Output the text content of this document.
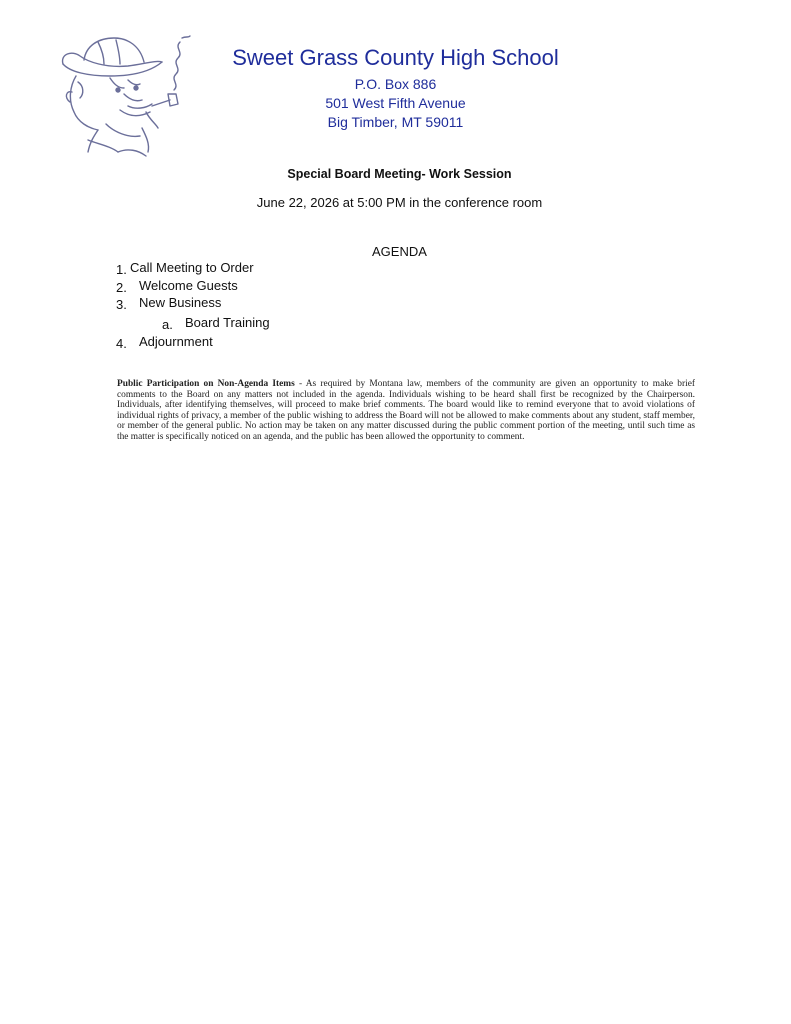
Sweet Grass County High School
P.O. Box 886
501 West Fifth Avenue
Big Timber, MT 59011
Special Board Meeting- Work Session
June 22, 2026 at 5:00 PM in the conference room
AGENDA
1. Call Meeting to Order
2. Welcome Guests
3. New Business
a. Board Training
4. Adjournment
Public Participation on Non-Agenda Items - As required by Montana law, members of the community are given an opportunity to make brief comments to the Board on any matters not included in the agenda. Individuals wishing to be heard shall first be recognized by the Chairperson. Individuals, after identifying themselves, will proceed to make brief comments. The board would like to remind everyone that to avoid violations of individual rights of privacy, a member of the public wishing to address the Board will not be allowed to make comments about any student, staff member, or member of the general public. No action may be taken on any matter discussed during the public comment portion of the meeting, until such time as the matter is specifically noticed on an agenda, and the public has been allowed the opportunity to comment.
